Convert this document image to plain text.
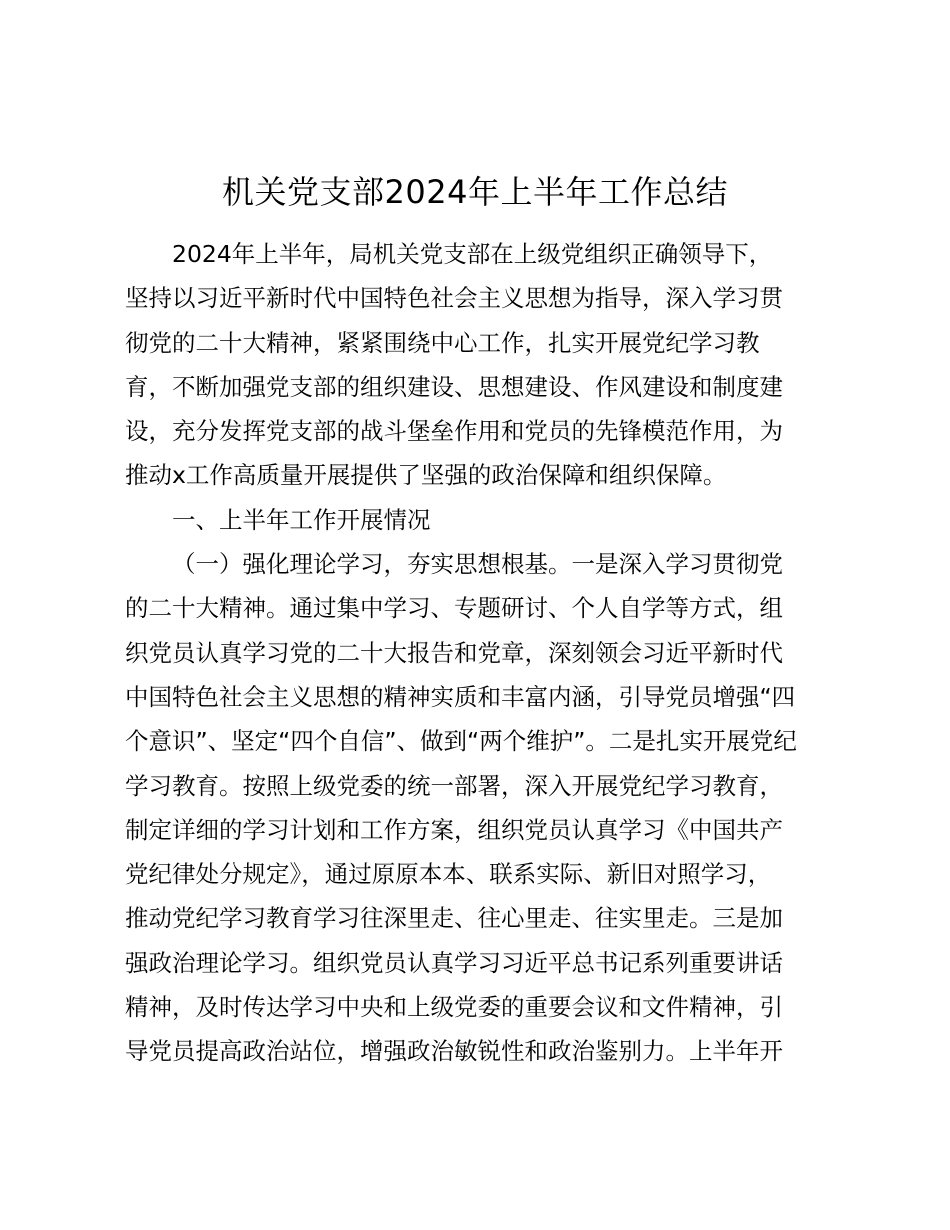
机关党支部2024年上半年工作总结
2024年上半年，局机关党支部在上级党组织正确领导下，
坚持以习近平新时代中国特色社会主义思想为指导，深入学习贯
彻党的二十大精神，紧紧围绕中心工作，扎实开展党纪学习教
育，不断加强党支部的组织建设、思想建设、作风建设和制度建
设，充分发挥党支部的战斗堡垒作用和党员的先锋模范作用，为
推动x工作高质量开展提供了坚强的政治保障和组织保障。
一、上半年工作开展情况
（一）强化理论学习，夯实思想根基。一是深入学习贯彻党
的二十大精神。通过集中学习、专题研讨、个人自学等方式，组
织党员认真学习党的二十大报告和党章，深刻领会习近平新时代
中国特色社会主义思想的精神实质和丰富内涵，引导党员增强“四
个意识”、坚定“四个自信”、做到“两个维护”。二是扎实开展党纪
学习教育。按照上级党委的统一部署，深入开展党纪学习教育，
制定详细的学习计划和工作方案，组织党员认真学习《中国共产
党纪律处分规定》，通过原原本本、联系实际、新旧对照学习，
推动党纪学习教育学习往深里走、往心里走、往实里走。三是加
强政治理论学习。组织党员认真学习习近平总书记系列重要讲话
精神，及时传达学习中央和上级党委的重要会议和文件精神，引
导党员提高政治站位，增强政治敏锐性和政治鉴别力。上半年开
